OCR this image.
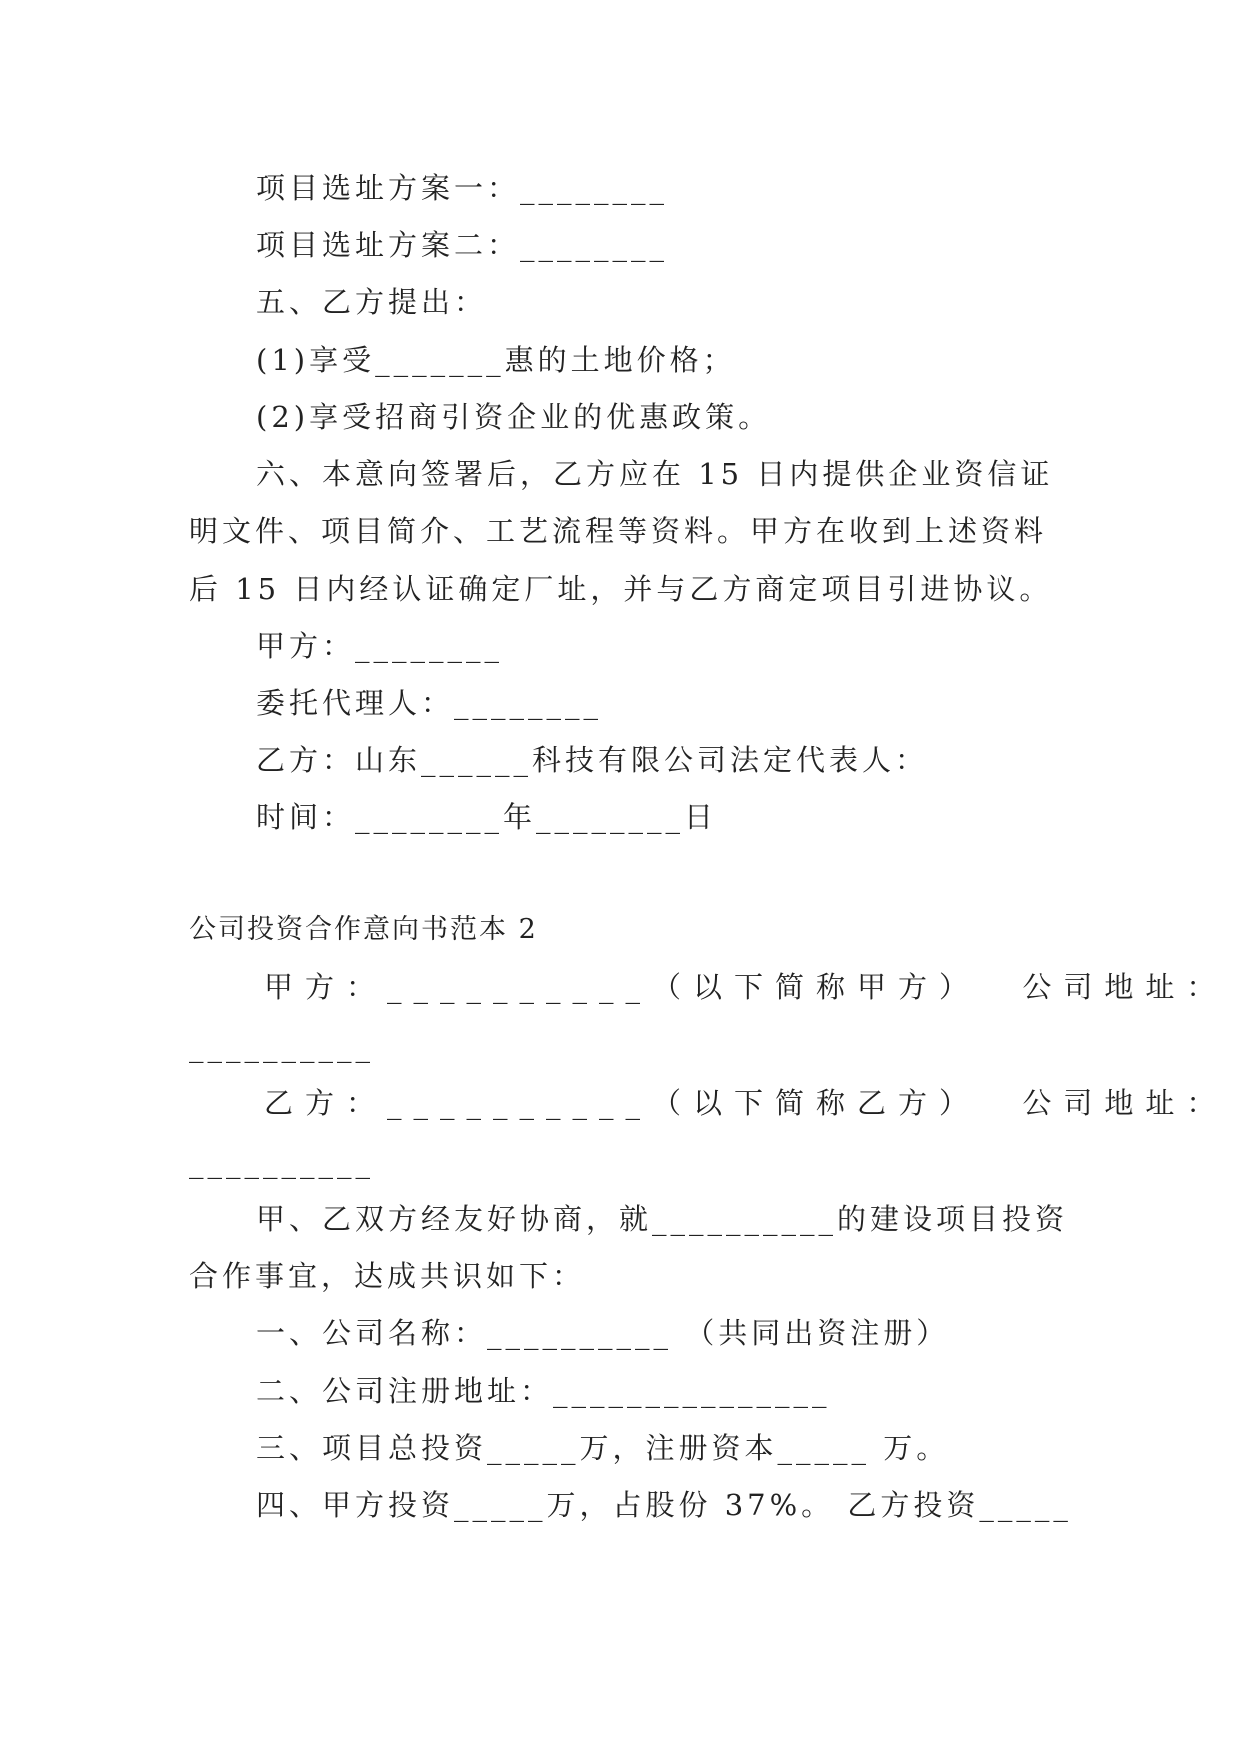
项目选址方案一：________
项目选址方案二：________
五、乙方提出：
(1)享受_______惠的土地价格；
(2)享受招商引资企业的优惠政策。
六、本意向签署后，乙方应在 15 日内提供企业资信证
明文件、项目简介、工艺流程等资料。甲方在收到上述资料
后 15 日内经认证确定厂址，并与乙方商定项目引进协议。
甲方：________
委托代理人：________
乙方：山东______科技有限公司法定代表人：
时间：________年________日
公司投资合作意向书范本 2
甲方：__________（以下简称甲方）  公司地址：
__________
乙方：__________（以下简称乙方）  公司地址：
__________
甲、乙双方经友好协商，就__________的建设项目投资
合作事宜，达成共识如下：
一、公司名称：__________ （共同出资注册）
二、公司注册地址：_______________
三、项目总投资_____万，注册资本_____ 万。
四、甲方投资_____万，占股份 37%。 乙方投资_____
